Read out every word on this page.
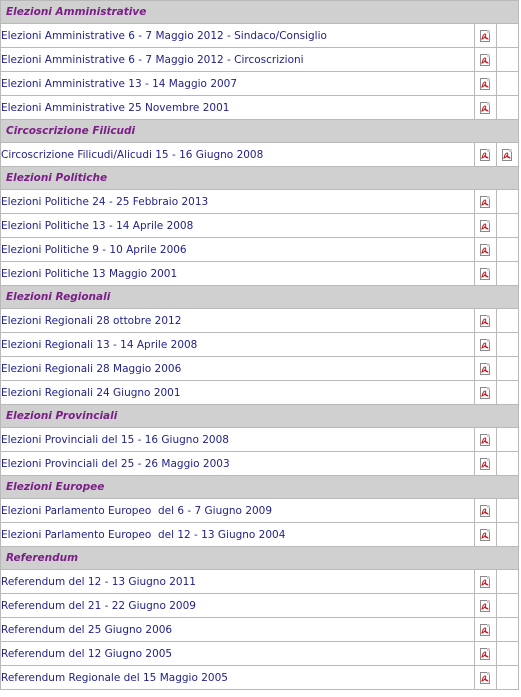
Elezioni Amministrative		
Elezioni Amministrative 6 - 7 Maggio 2012 - Sindaco/Consiglio	

Elezioni Amministrative 6 - 7 Maggio 2012 - Circoscrizioni	

Elezioni Amministrative 13 - 14 Maggio 2007	

Elezioni Amministrative 25 Novembre 2001	

Circoscrizione Filicudi		
Circoscrizione Filicudi/Alicudi 15 - 16 Giugno 2008	

Elezioni Politiche		
Elezioni Politiche 24 - 25 Febbraio 2013	

Elezioni Politiche 13 - 14 Aprile 2008	

Elezioni Politiche 9 - 10 Aprile 2006	

Elezioni Politiche 13 Maggio 2001	

Elezioni Regionali		
Elezioni Regionali 28 ottobre 2012	

Elezioni Regionali 13 - 14 Aprile 2008	

Elezioni Regionali 28 Maggio 2006	

Elezioni Regionali 24 Giugno 2001	

Elezioni Provinciali		
Elezioni Provinciali del 15 - 16 Giugno 2008	

Elezioni Provinciali del 25 - 26 Maggio 2003	

Elezioni Europee		
Elezioni Parlamento Europeo  del 6 - 7 Giugno 2009	

Elezioni Parlamento Europeo  del 12 - 13 Giugno 2004	

Referendum		
Referendum del 12 - 13 Giugno 2011	

Referendum del 21 - 22 Giugno 2009	

Referendum del 25 Giugno 2006	

Referendum del 12 Giugno 2005	

Referendum Regionale del 15 Maggio 2005	
